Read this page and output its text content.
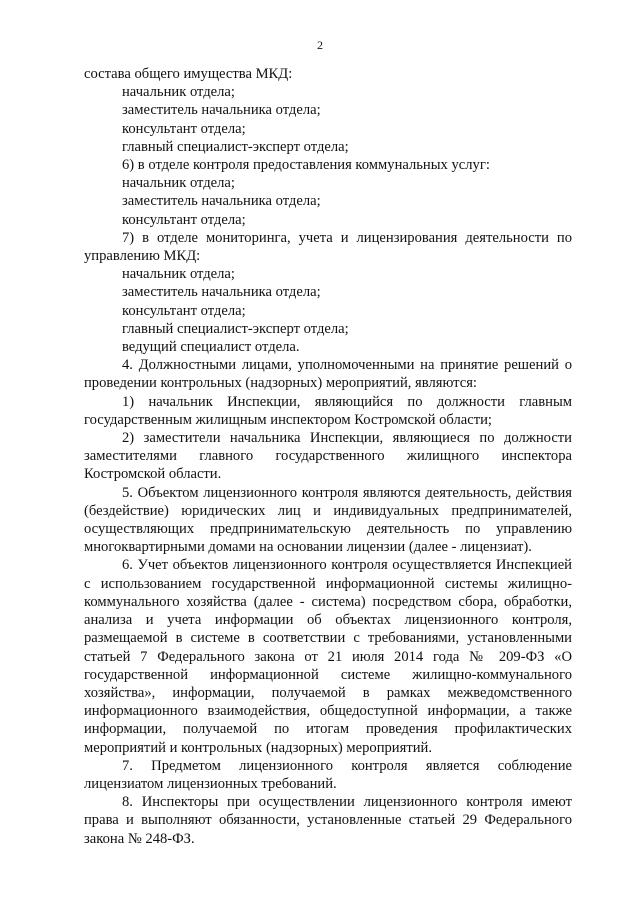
2

состава общего имущества МКД:

начальник отдела;

заместитель начальника отдела;

консультант отдела;

главный специалист-эксперт отдела;

6) в отделе контроля предоставления коммунальных услуг:

начальник отдела;

заместитель начальника отдела;

консультант отдела;

7) в отделе мониторинга, учета и лицензирования деятельности по управлению МКД:

начальник отдела;

заместитель начальника отдела;

консультант отдела;

главный специалист-эксперт отдела;

ведущий специалист отдела.

4. Должностными лицами, уполномоченными на принятие решений о проведении контрольных (надзорных) мероприятий, являются:

1) начальник Инспекции, являющийся по должности главным государственным жилищным инспектором Костромской области;

2) заместители начальника Инспекции, являющиеся по должности заместителями главного государственного жилищного инспектора Костромской области.

5. Объектом лицензионного контроля являются деятельность, действия (бездействие) юридических лиц и индивидуальных предпринимателей, осуществляющих предпринимательскую деятельность по управлению многоквартирными домами на основании лицензии (далее - лицензиат).

6. Учет объектов лицензионного контроля осуществляется Инспекцией с использованием государственной информационной системы жилищно-коммунального хозяйства (далее - система) посредством сбора, обработки, анализа и учета информации об объектах лицензионного контроля, размещаемой в системе в соответствии с требованиями, установленными статьей 7 Федерального закона от 21 июля 2014 года № 209-ФЗ «О государственной информационной системе жилищно-коммунального хозяйства», информации, получаемой в рамках межведомственного информационного взаимодействия, общедоступной информации, а также информации, получаемой по итогам проведения профилактических мероприятий и контрольных (надзорных) мероприятий.

7. Предметом лицензионного контроля является соблюдение лицензиатом лицензионных требований.

8. Инспекторы при осуществлении лицензионного контроля имеют права и выполняют обязанности, установленные статьей 29 Федерального закона № 248-ФЗ.
